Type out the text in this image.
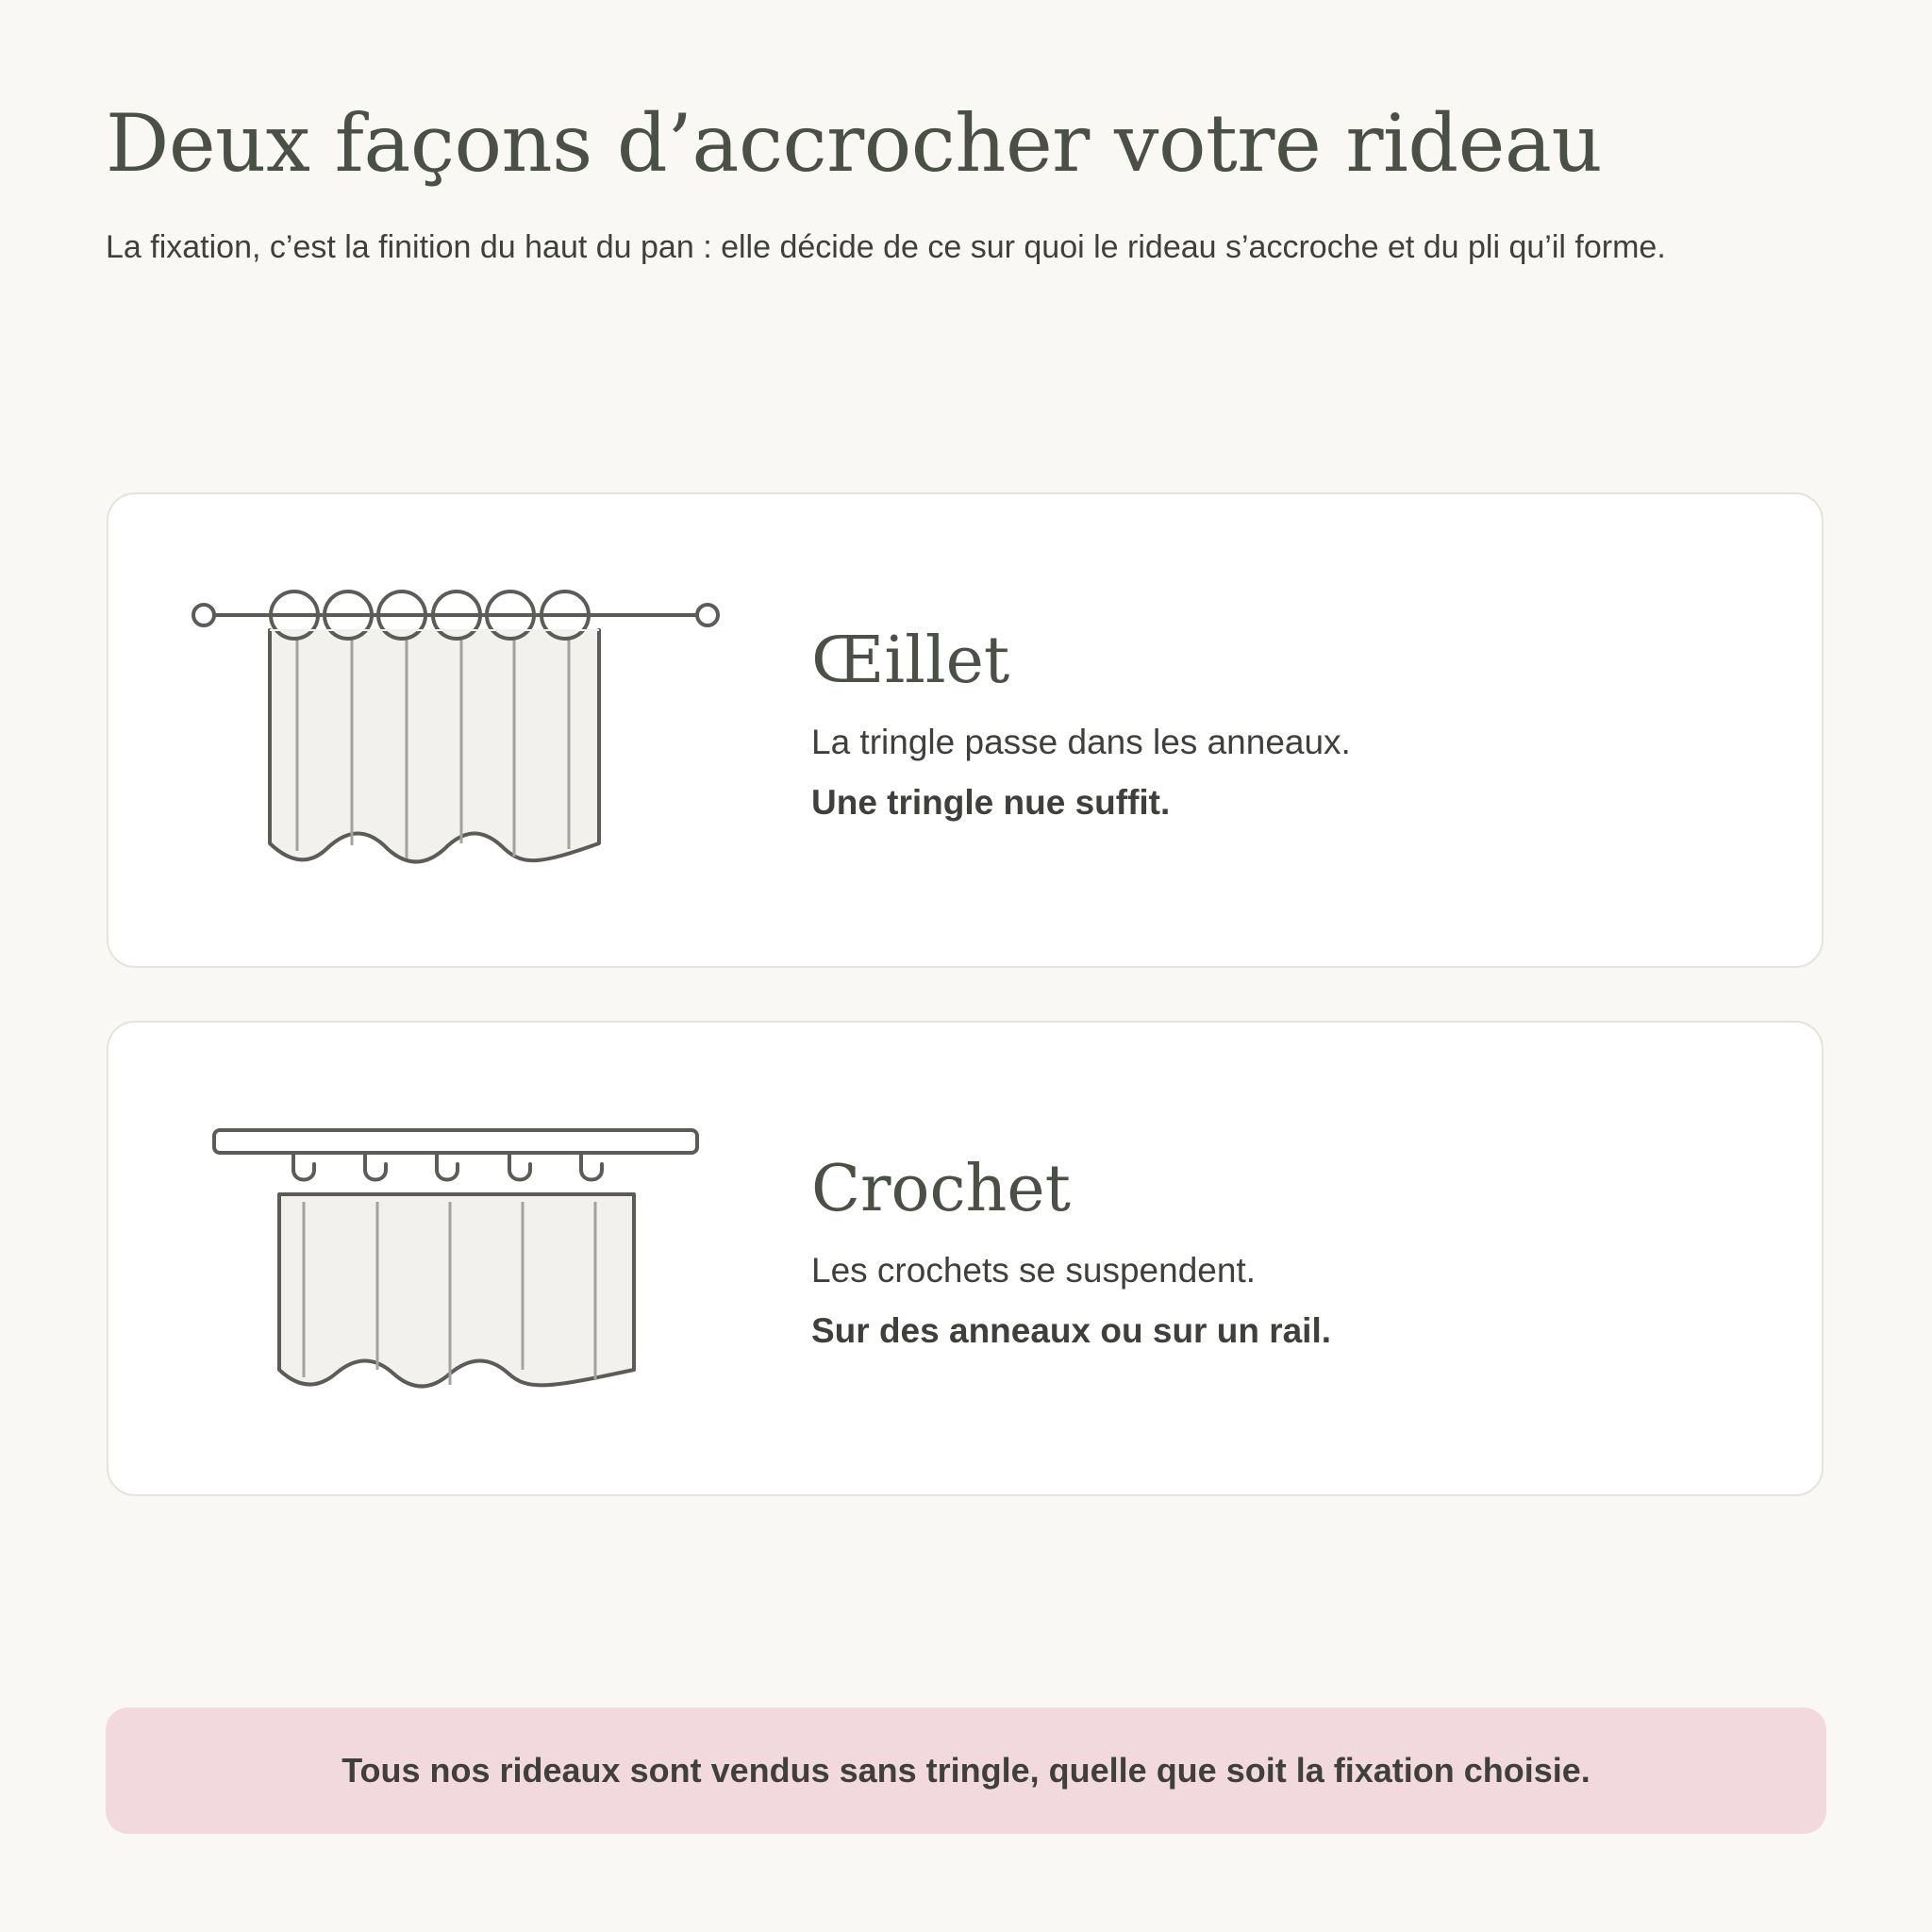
Deux façons d’accrocher votre rideau

La fixation, c’est la finition du haut du pan : elle décide de ce sur quoi le rideau s’accroche et du pli qu’il forme.

Œillet

La tringle passe dans les anneaux.

Une tringle nue suffit.

Crochet

Les crochets se suspendent.

Sur des anneaux ou sur un rail.

Tous nos rideaux sont vendus sans tringle, quelle que soit la fixation choisie.
